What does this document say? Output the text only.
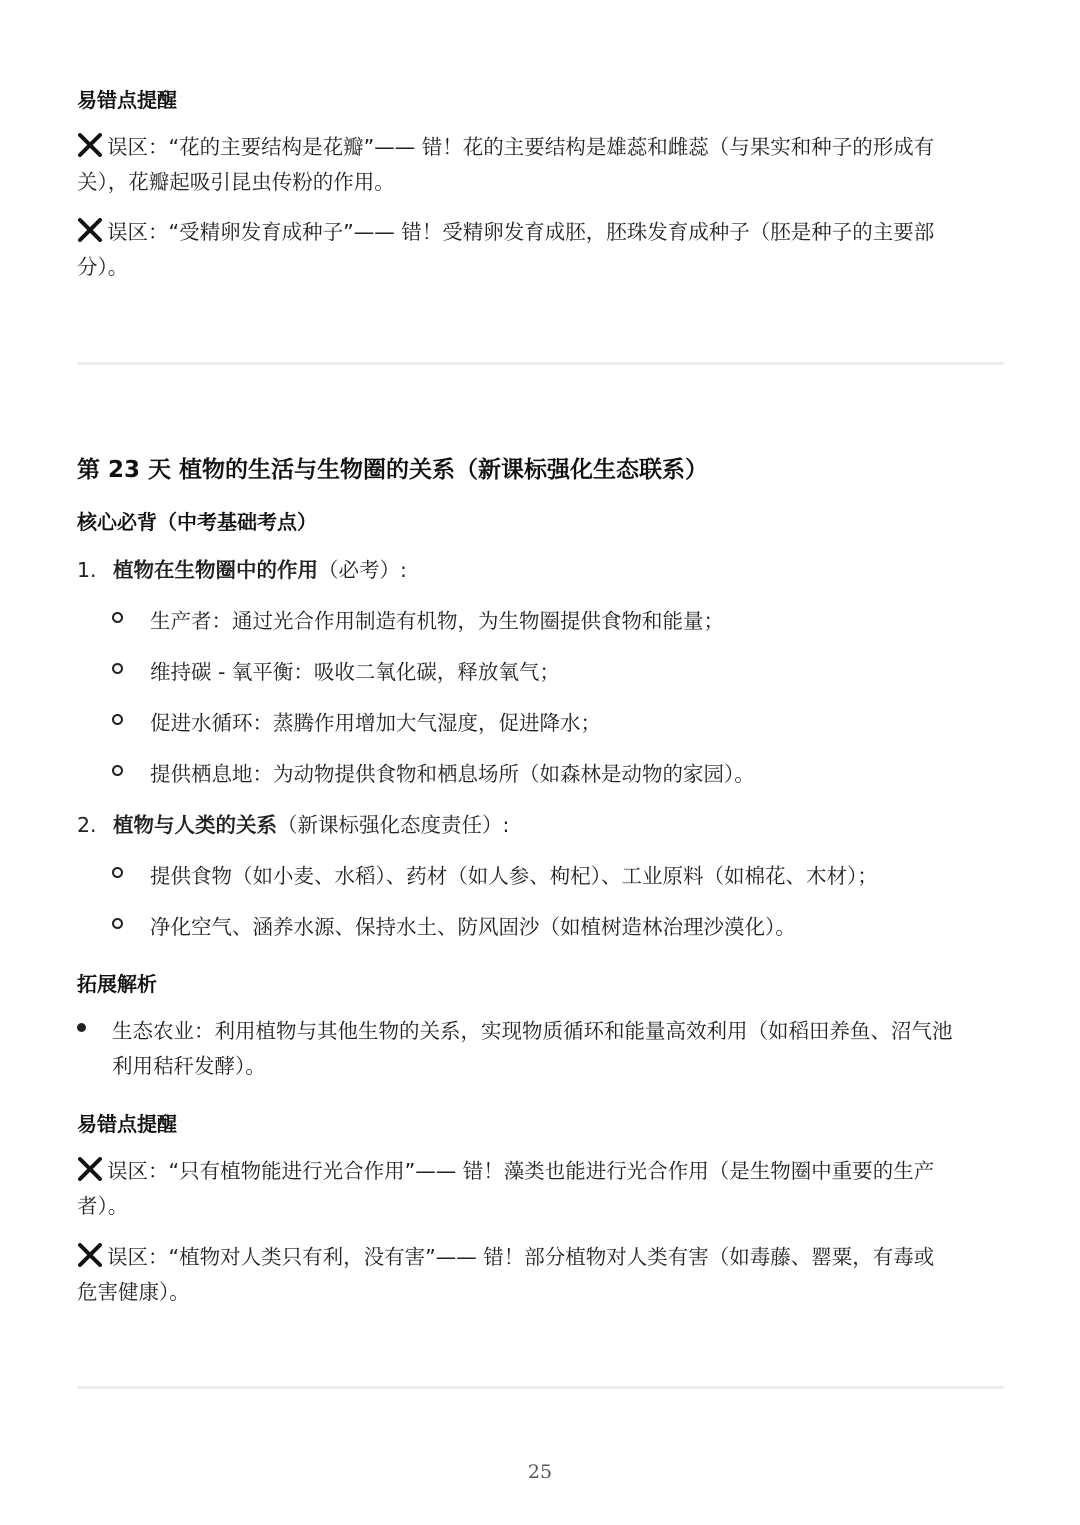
易错点提醒
误区：“花的主要结构是花瓣”—— 错！花的主要结构是雄蕊和雌蕊（与果实和种子的形成有
关），花瓣起吸引昆虫传粉的作用。
误区：“受精卵发育成种子”—— 错！受精卵发育成胚，胚珠发育成种子（胚是种子的主要部
分）。
第 23 天 植物的生活与生物圈的关系（新课标强化生态联系）
核心必背（中考基础考点）
1. 植物在生物圈中的作用（必考）:
生产者：通过光合作用制造有机物，为生物圈提供食物和能量；
维持碳 - 氧平衡：吸收二氧化碳，释放氧气；
促进水循环：蒸腾作用增加大气湿度，促进降水；
提供栖息地：为动物提供食物和栖息场所（如森林是动物的家园）。
2. 植物与人类的关系（新课标强化态度责任）:
提供食物（如小麦、水稻）、药材（如人参、枸杞）、工业原料（如棉花、木材）；
净化空气、涵养水源、保持水土、防风固沙（如植树造林治理沙漠化）。
拓展解析
生态农业：利用植物与其他生物的关系，实现物质循环和能量高效利用（如稻田养鱼、沼气池
利用秸秆发酵）。
易错点提醒
误区：“只有植物能进行光合作用”—— 错！藻类也能进行光合作用（是生物圈中重要的生产
者）。
误区：“植物对人类只有利，没有害”—— 错！部分植物对人类有害（如毒藤、罂粟，有毒或
危害健康）。
25
